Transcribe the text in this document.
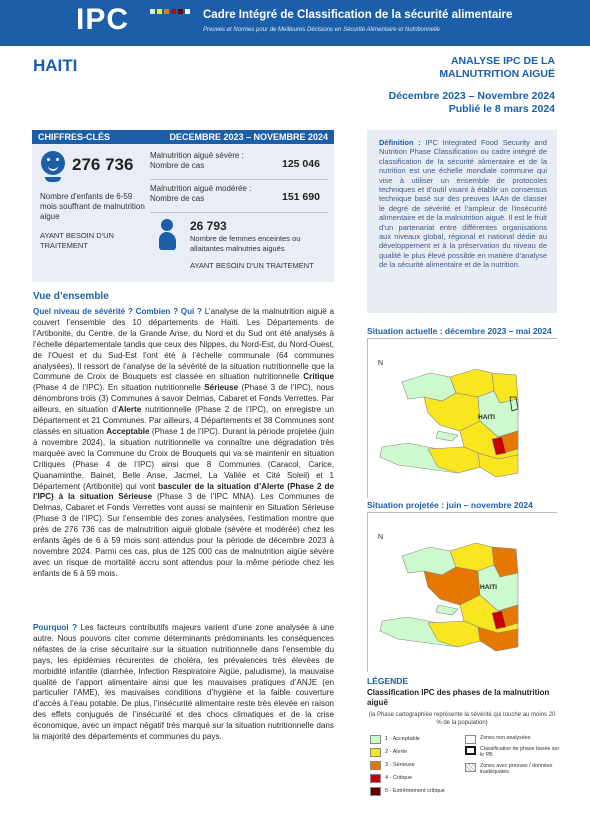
IPC	Cadre Intégré de Classification de la sécurité alimentaire
Preuves et Normes pour de Meilleures Décisions en Sécurité Alimentaire et Nutritionnelle
HAITI	ANALYSE IPC DE LA
MALNUTRITION AIGUË
Décembre 2023 – Novembre 2024
Publié le 8 mars 2024
CHIFFRES-CLÉS	DECEMBRE 2023 – NOVEMBRE 2024
276 736
Nombre d'enfants de 6-59 mois souffrant de malnutrition aigue
AYANT BESOIN D'UN TRAITEMENT
Malnutrition aiguë sévère :
Nombre de cas	125 046
Malnutrition aiguë modérée :
Nombre de cas	151 690
26 793
Nombre de femmes enceintes ou allaitantes malnutries aiguës
AYANT BESOIN D'UN TRAITEMENT
Vue d’ensemble
Quel niveau de sévérité ? Combien ? Qui ? L’analyse de la malnutrition aiguë a couvert l’ensemble des 10 départements de Haïti. Les Départements de l’Artibonite, du Centre, de la Grande Anse, du Nord et du Sud ont été analysés à l’échelle départementale tandis que ceux des Nippes, du Nord-Est, du Nord-Ouest, de l’Ouest et du Sud-Est l’ont été à l’échelle communale (64 communes analysées). Il ressort de l’analyse de la sévérité de la situation nutritionnelle que la Commune de Croix de Bouquets est classée en situation nutritionnelle Critique (Phase 4 de l’IPC). En situation nutritionnelle Sérieuse (Phase 3 de l’IPC), nous dénombrons trois (3) Communes à savoir Delmas, Cabaret et Fonds Verrettes. Par ailleurs, en situation d’Alerte nutritionnelle (Phase 2 de l’IPC), on enregistre un Département et 21 Communes. Par ailleurs, 4 Départements et 38 Communes sont classés en situation Acceptable (Phase 1 de l’IPC). Durant la période projetée (juin à novembre 2024), la situation nutritionnelle va connaître une dégradation très marquée avec la Commune du Croix de Bouquets qui va se maintenir en situation Critiques (Phase 4 de l’IPC) ainsi que 8 Communes (Caracol, Carice, Quanaminthe, Bainet, Belle Anse, Jacmel, La Vallée et Cité Soleil) et 1 Département (Artibonite) qui vont basculer de la situation d’Alerte (Phase 2 de l’IPC) à la situation Sérieuse (Phase 3 de l’IPC MNA). Les Communes de Delmas, Cabaret et Fonds Verrettes vont aussi se maintenir en Situation Sérieuse (Phase 3 de l’IPC). Sur l’ensemble des zones analysées, l’estimation montre que près de 276 736 cas de malnutrition aiguë globale (sévère et modérée) chez les enfants âgés de 6 à 59 mois sont attendus pour la période de décembre 2023 à novembre 2024. Parmi ces cas, plus de 125 000 cas de malnutrition aigüe sévère avec un risque de mortalité accru sont attendus pour la même période chez les enfants de 6 à 59 mois.
Pourquoi ? Les facteurs contributifs majeurs varient d’une zone analysée à une autre. Nous pouvons citer comme déterminants prédominants les conséquences néfastes de la crise sécuritaire sur la situation nutritionnelle dans l’ensemble du pays, les épidémies récurentes de choléra, les prévalences très élevées de morbidité infantile (diarrhée, Infection Respiratoire Aigüe, paludisme), la mauvaise qualité de l’apport alimentaire ainsi que les mauvaises pratiques d’ANJE (en particulier l’AME), les mauvaises conditions d’hygiène et la faible couverture d’accès à l’eau potable. De plus, l’insécurité alimentaire reste très élevée en raison des effets conjugués de l’insécurité et des chocs climatiques et de la crise économique, avec un impact négatif très marqué sur la situation nutritionnelle dans la majorité des départements et communes du pays.
Définition : IPC Integrated Food Security and Nutrition Phase Classification ou cadre intégré de classification de la sécurité alimentaire et de la nutrition est une échelle mondiale commune qui vise à utiliser un ensemble de protocoles techniques et d’outil visant à établir un consensus technique basé sur des preuves IAAn de classer le degré de sévérité et l’ampleur de l’insécurité alimentaire et de la malnutrition aiguë. Il est le fruit d’un partenariat entre différentes organisations aux niveaux global, régional et national dédié au développement et à la préservation du niveau de qualité le plus élevé possible en matière d’analyse de la sécurité alimentaire et de la nutrition.
Situation actuelle : décembre 2023 – mai 2024
N
HAITI
Situation projetée : juin – novembre 2024
N
HAITI
LÉGENDE
Classification IPC des phases de la malnutrition aiguë
(la Phase cartographiée représente la sévérité qui touche au moins 20 % de la population)
1 - Acceptable
2 - Alerte
3 - Sérieuse
4 - Critique
5 - Extrêmement critique
Zones non analysées
Classification de phase basée sur le PB
Zones avec preuves / données inadéquates
